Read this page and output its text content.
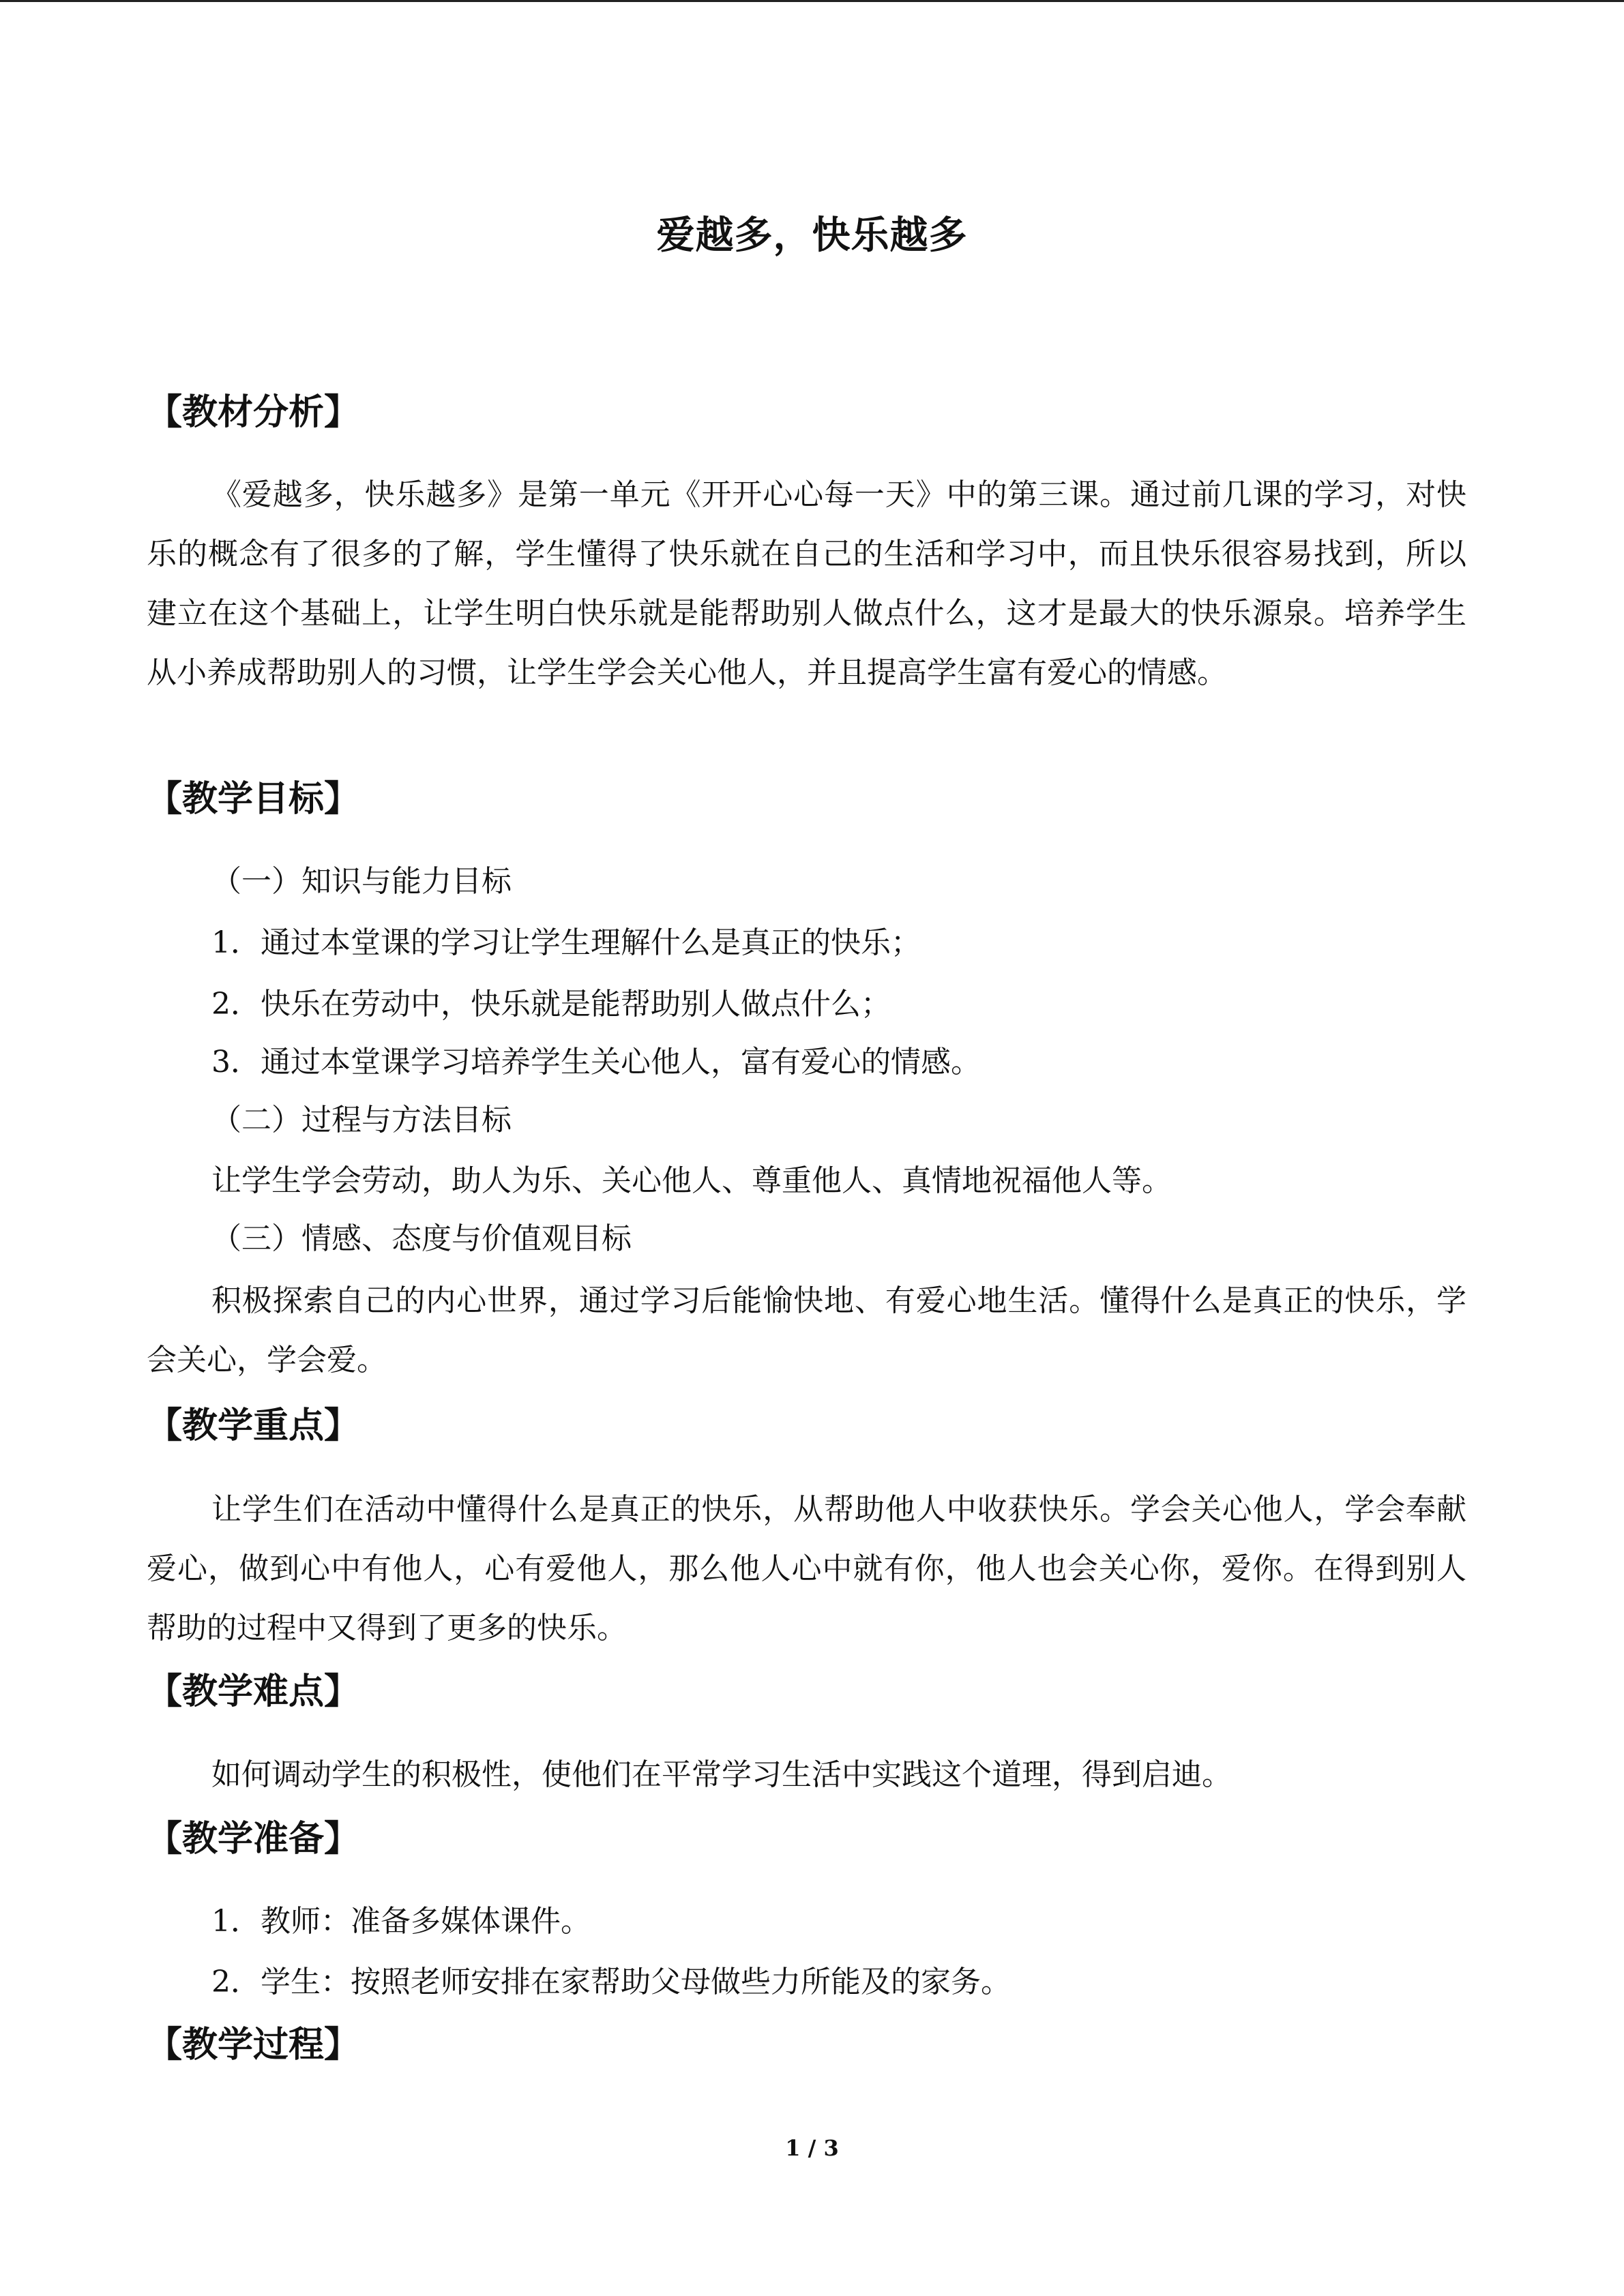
爱越多，快乐越多
【教材分析】
《爱越多，快乐越多》是第一单元《开开心心每一天》中的第三课。通过前几课的学习，对快乐的概念有了很多的了解，学生懂得了快乐就在自己的生活和学习中，而且快乐很容易找到，所以建立在这个基础上，让学生明白快乐就是能帮助别人做点什么，这才是最大的快乐源泉。培养学生从小养成帮助别人的习惯，让学生学会关心他人，并且提高学生富有爱心的情感。
【教学目标】
（一）知识与能力目标
1．通过本堂课的学习让学生理解什么是真正的快乐；
2．快乐在劳动中，快乐就是能帮助别人做点什么；
3．通过本堂课学习培养学生关心他人，富有爱心的情感。
（二）过程与方法目标
让学生学会劳动，助人为乐、关心他人、尊重他人、真情地祝福他人等。
（三）情感、态度与价值观目标
积极探索自己的内心世界，通过学习后能愉快地、有爱心地生活。懂得什么是真正的快乐，学会关心，学会爱。
【教学重点】
让学生们在活动中懂得什么是真正的快乐，从帮助他人中收获快乐。学会关心他人，学会奉献爱心，做到心中有他人，心有爱他人，那么他人心中就有你，他人也会关心你，爱你。在得到别人帮助的过程中又得到了更多的快乐。
【教学难点】
如何调动学生的积极性，使他们在平常学习生活中实践这个道理，得到启迪。
【教学准备】
1．教师：准备多媒体课件。
2．学生：按照老师安排在家帮助父母做些力所能及的家务。
【教学过程】
1 / 3
